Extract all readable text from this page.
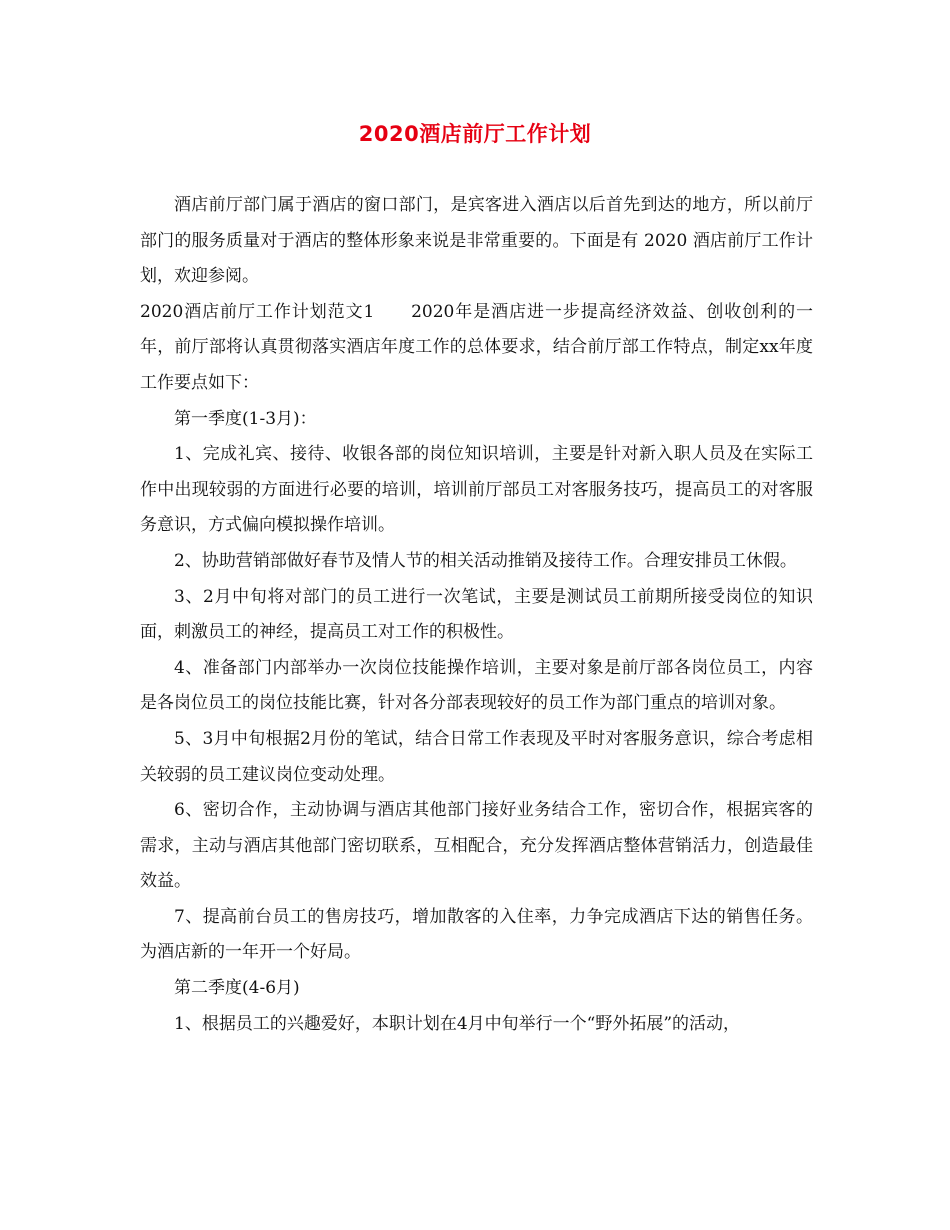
2020酒店前厅工作计划

酒店前厅部门属于酒店的窗口部门，是宾客进入酒店以后首先到达的地方，所以前厅部门的服务质量对于酒店的整体形象来说是非常重要的。下面是有 2020 酒店前厅工作计划，欢迎参阅。

2020酒店前厅工作计划范文1　　2020年是酒店进一步提高经济效益、创收创利的一年，前厅部将认真贯彻落实酒店年度工作的总体要求，结合前厅部工作特点，制定xx年度工作要点如下：

第一季度(1-3月)：

1、完成礼宾、接待、收银各部的岗位知识培训，主要是针对新入职人员及在实际工作中出现较弱的方面进行必要的培训，培训前厅部员工对客服务技巧，提高员工的对客服务意识，方式偏向模拟操作培训。

2、协助营销部做好春节及情人节的相关活动推销及接待工作。合理安排员工休假。

3、2月中旬将对部门的员工进行一次笔试，主要是测试员工前期所接受岗位的知识面，刺激员工的神经，提高员工对工作的积极性。

4、准备部门内部举办一次岗位技能操作培训，主要对象是前厅部各岗位员工，内容是各岗位员工的岗位技能比赛，针对各分部表现较好的员工作为部门重点的培训对象。

5、3月中旬根据2月份的笔试，结合日常工作表现及平时对客服务意识，综合考虑相关较弱的员工建议岗位变动处理。

6、密切合作，主动协调与酒店其他部门接好业务结合工作，密切合作，根据宾客的需求，主动与酒店其他部门密切联系，互相配合，充分发挥酒店整体营销活力，创造最佳效益。

7、提高前台员工的售房技巧，增加散客的入住率，力争完成酒店下达的销售任务。为酒店新的一年开一个好局。

第二季度(4-6月)

1、根据员工的兴趣爱好，本职计划在4月中旬举行一个“野外拓展”的活动，
